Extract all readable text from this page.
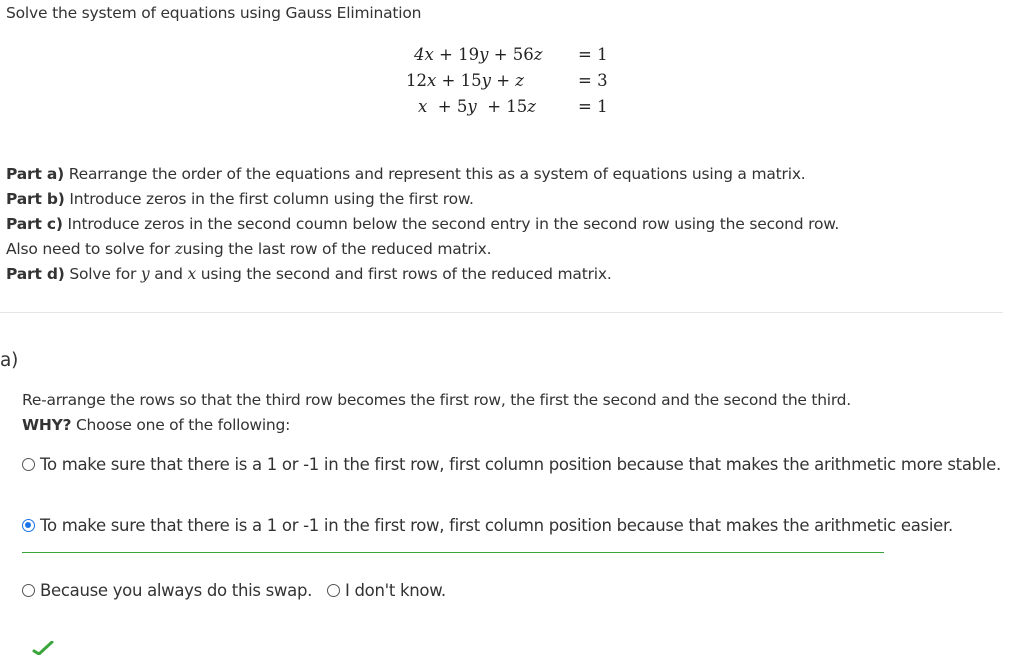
Solve the system of equations using Gauss Elimination
4x + 19y + 56z = 1
12x + 15y + z	= 3
x  + 5y  + 15z	= 1
Part a) Rearrange the order of the equations and represent this as a system of equations using a matrix.
Part b) Introduce zeros in the first column using the first row.
Part c) Introduce zeros in the second coumn below the second entry in the second row using the second row.
Also need to solve for zusing the last row of the reduced matrix.
Part d) Solve for y and x using the second and first rows of the reduced matrix.
a)
Re-arrange the rows so that the third row becomes the first row, the first the second and the second the third.
WHY? Choose one of the following:
To make sure that there is a 1 or -1 in the first row, first column position because that makes the arithmetic more stable.
To make sure that there is a 1 or -1 in the first row, first column position because that makes the arithmetic easier.
Because you always do this swap. I don't know.
